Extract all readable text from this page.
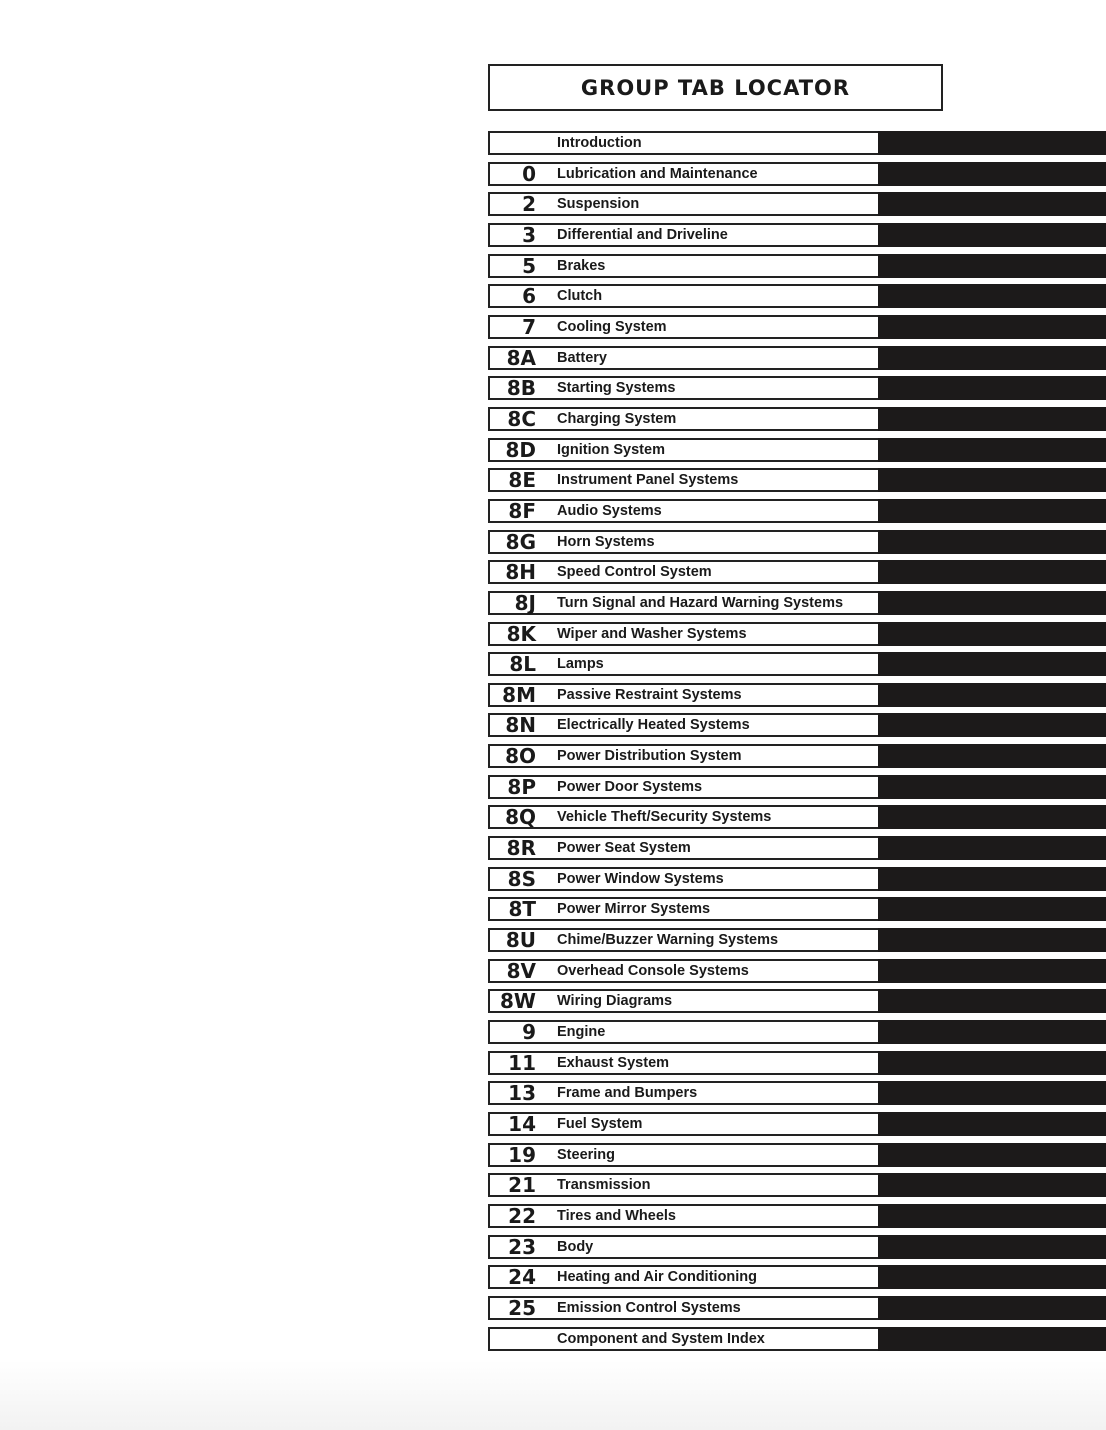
GROUP TAB LOCATOR
Introduction
0 Lubrication and Maintenance
2 Suspension
3 Differential and Driveline
5 Brakes
6 Clutch
7 Cooling System
8A Battery
8B Starting Systems
8C Charging System
8D Ignition System
8E Instrument Panel Systems
8F Audio Systems
8G Horn Systems
8H Speed Control System
8J Turn Signal and Hazard Warning Systems
8K Wiper and Washer Systems
8L Lamps
8M Passive Restraint Systems
8N Electrically Heated Systems
8O Power Distribution System
8P Power Door Systems
8Q Vehicle Theft/Security Systems
8R Power Seat System
8S Power Window Systems
8T Power Mirror Systems
8U Chime/Buzzer Warning Systems
8V Overhead Console Systems
8W Wiring Diagrams
9 Engine
11 Exhaust System
13 Frame and Bumpers
14 Fuel System
19 Steering
21 Transmission
22 Tires and Wheels
23 Body
24 Heating and Air Conditioning
25 Emission Control Systems
Component and System Index
